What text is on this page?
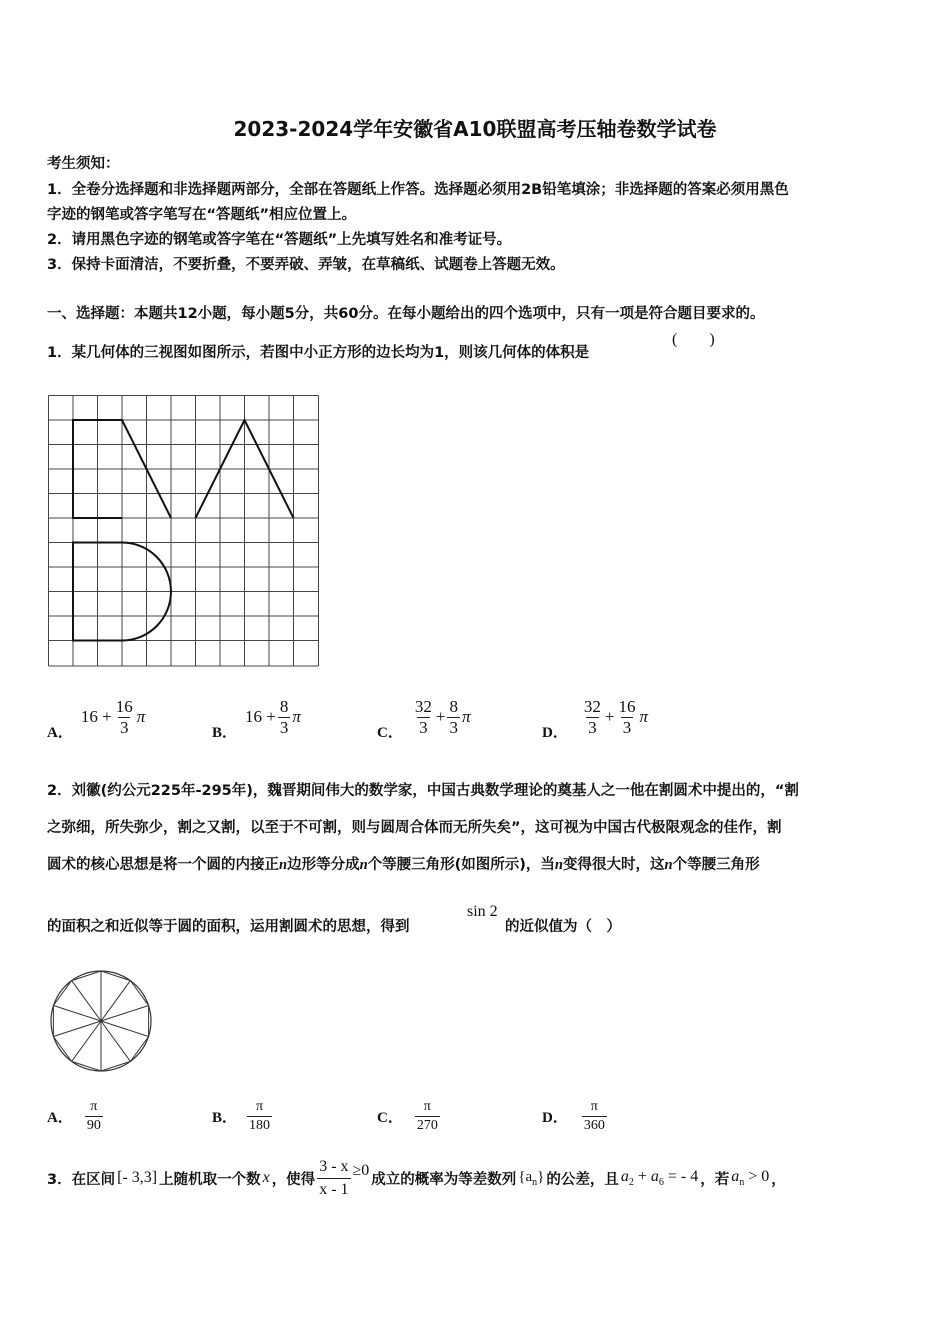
2023-2024学年安徽省A10联盟高考压轴卷数学试卷
考生须知：
1．全卷分选择题和非选择题两部分，全部在答题纸上作答。选择题必须用2B铅笔填涂；非选择题的答案必须用黑色
字迹的钢笔或答字笔写在“答题纸”相应位置上。
2．请用黑色字迹的钢笔或答字笔在“答题纸”上先填写姓名和准考证号。
3．保持卡面清洁，不要折叠，不要弄破、弄皱，在草稿纸、试题卷上答题无效。
一、选择题：本题共12小题，每小题5分，共60分。在每小题给出的四个选项中，只有一项是符合题目要求的。
1．某几何体的三视图如图所示，若图中小正方形的边长均为1，则该几何体的体积是
(　　)
A．
$16 + \frac{16}{3}$ π
B．
$16 + \frac{8}{3}$ π
C． $\frac{32}{3} + \frac{8}{3}$ π
D． $\frac{32}{3} + \frac{16}{3}$ π
2．刘徽(约公元225年-295年)，魏晋期间伟大的数学家，中国古典数学理论的奠基人之一他在割圆术中提出的，“割
之弥细，所失弥少，割之又割，以至于不可割，则与圆周合体而无所失矣”，这可视为中国古代极限观念的佳作，割
圆术的核心思想是将一个圆的内接正n边形等分成n个等腰三角形(如图所示)，当n变得很大时，这n个等腰三角形
的面积之和近似等于圆的面积，运用割圆术的思想，得到
sin 2
的近似值为（　）
A． $\frac{\pi}{90}$	B． $\frac{\pi}{180}$	C． $\frac{\pi}{270}$	D． $\frac{\pi}{360}$
3．在区间 [- 3,3] 上随机取一个数 x ，使得 $\frac{3 - x}{x - 1} \ge 0$
成立的概率为等差数列 $\{a_n\}$ 的公差，且 $a_2 + a_6$ = - 4 ，若 $a_n > 0$ ，
